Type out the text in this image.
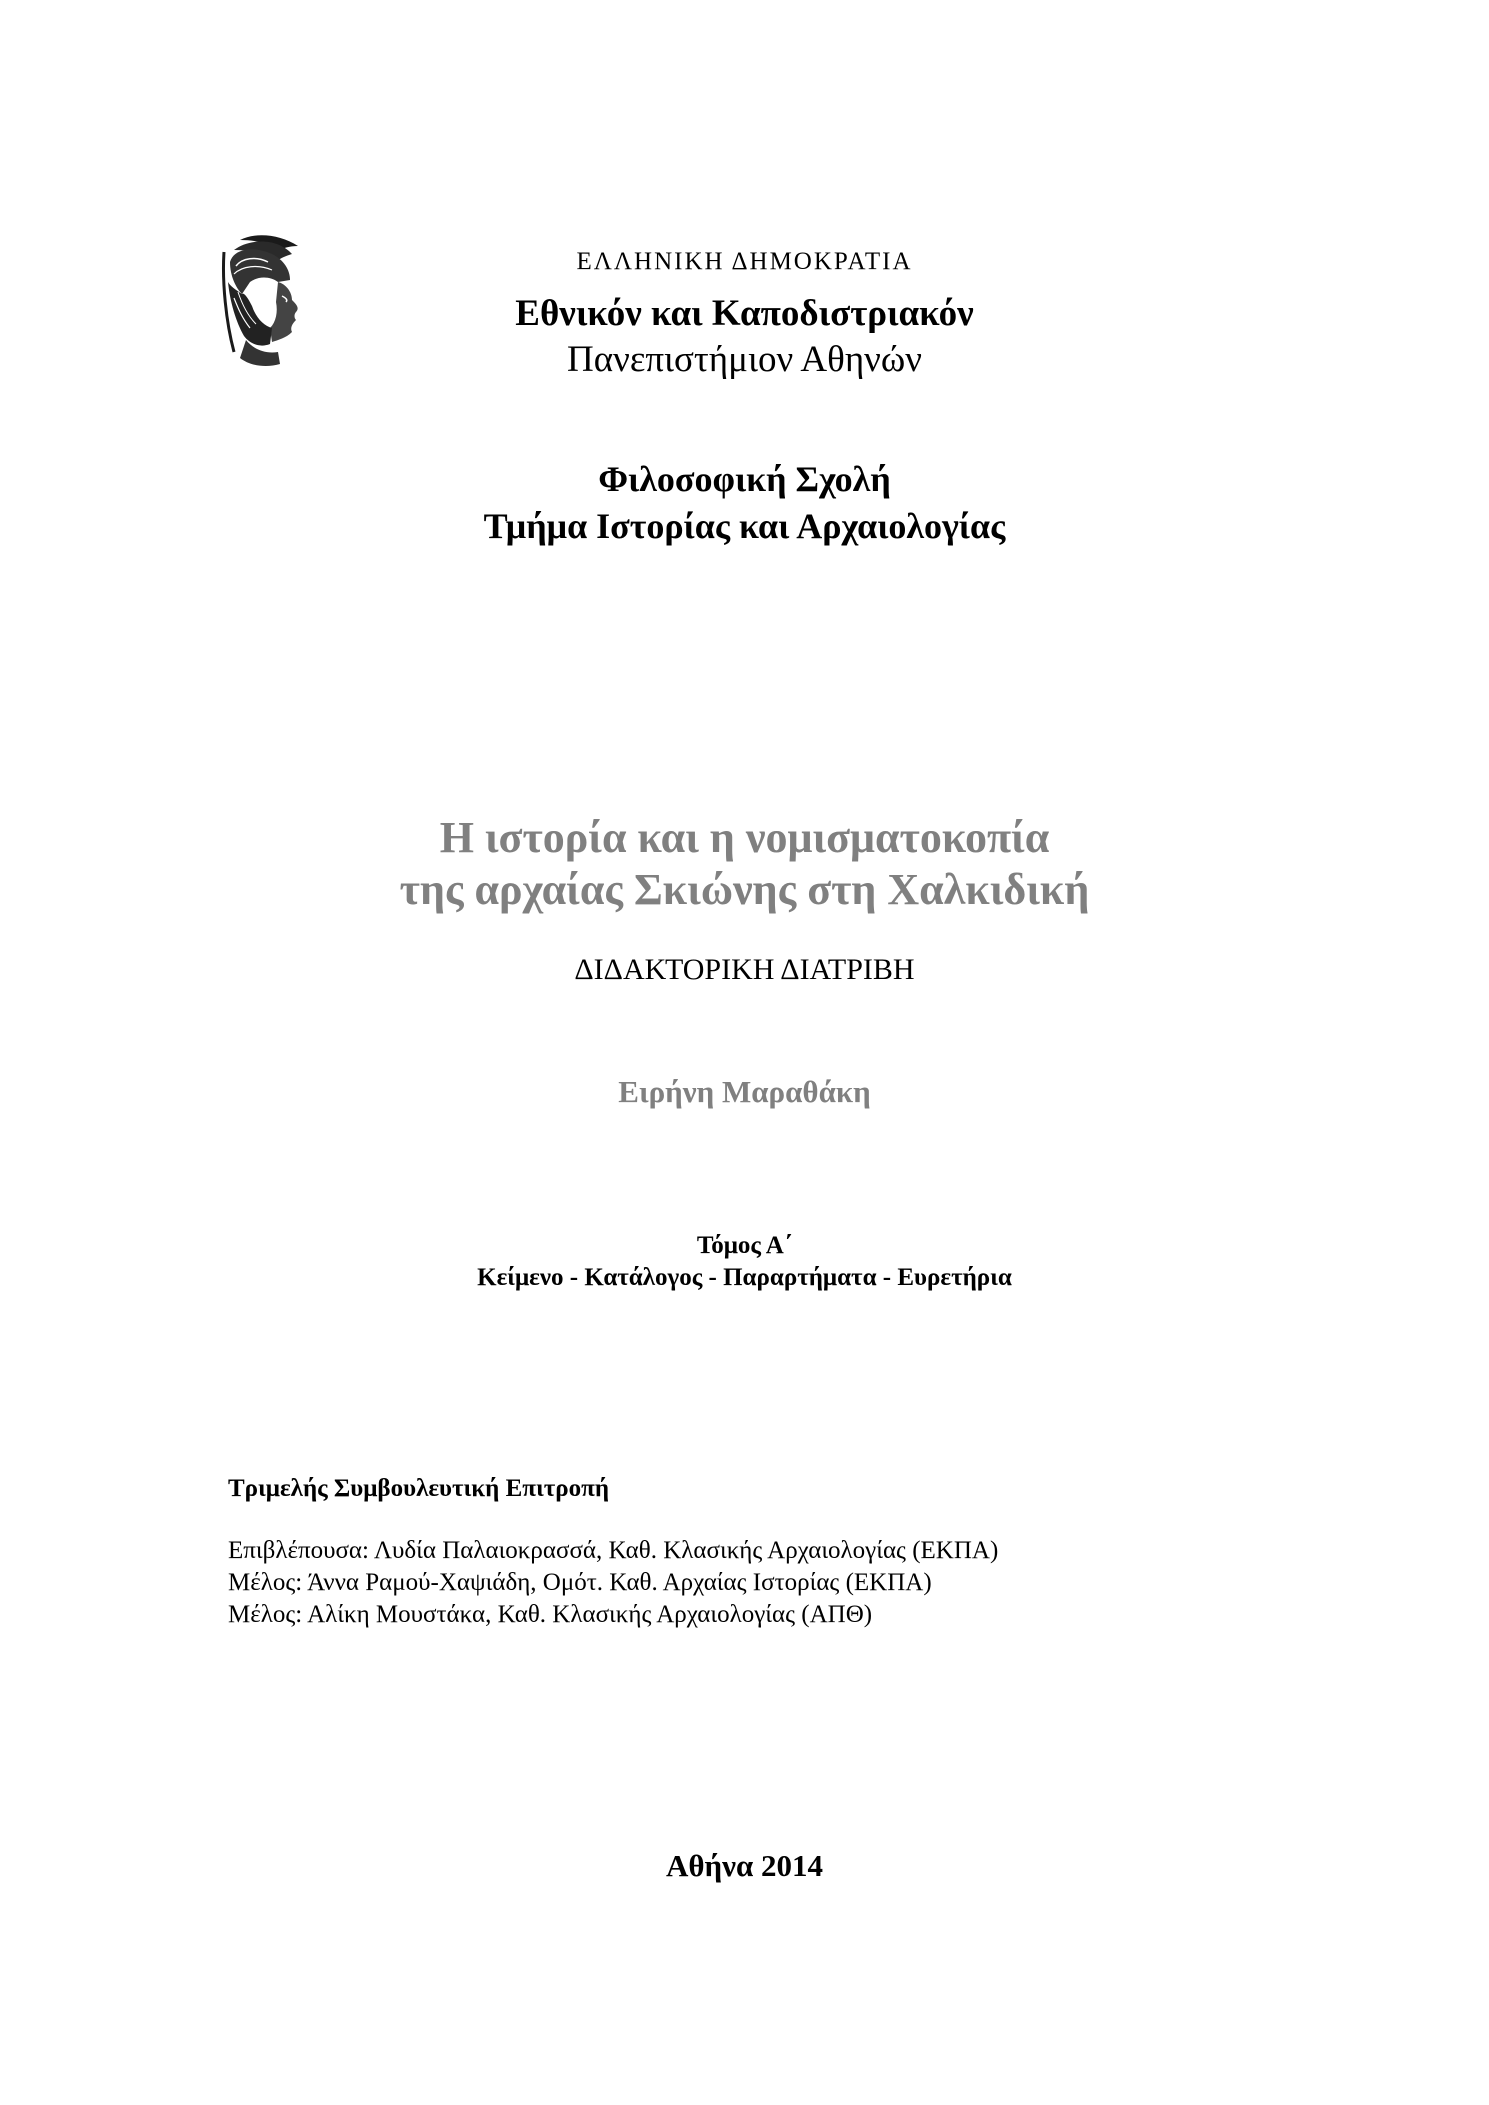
ΕΛΛΗΝΙΚΗ ΔΗΜΟΚΡΑΤΙΑ
Εθνικόν και Καποδιστριακόν
Πανεπιστήμιον Αθηνών
Φιλοσοφική Σχολή
Τμήμα Ιστορίας και Αρχαιολογίας
Η ιστορία και η νομισματοκοπία
της αρχαίας Σκιώνης στη Χαλκιδική
ΔΙΔΑΚΤΟΡΙΚΗ ΔΙΑΤΡΙΒΗ
Ειρήνη Μαραθάκη
Τόμος Α΄
Κείμενο - Κατάλογος - Παραρτήματα - Ευρετήρια
Τριμελής Συμβουλευτική Επιτροπή
Επιβλέπουσα: Λυδία Παλαιοκρασσά, Καθ. Κλασικής Αρχαιολογίας (ΕΚΠΑ)
Μέλος: Άννα Ραμού-Χαψιάδη, Ομότ. Καθ. Αρχαίας Ιστορίας (ΕΚΠΑ)
Μέλος: Αλίκη Μουστάκα, Καθ. Κλασικής Αρχαιολογίας (ΑΠΘ)
Αθήνα 2014
